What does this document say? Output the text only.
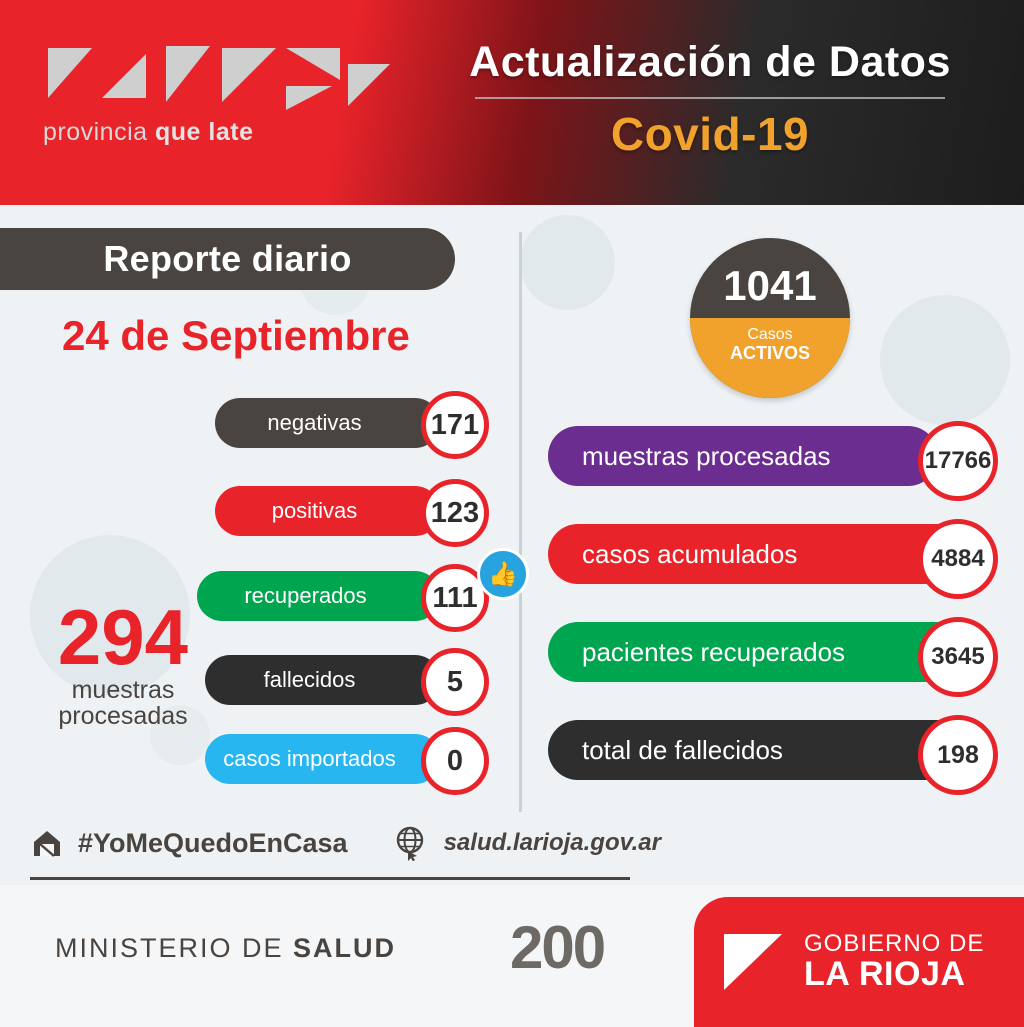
provincia que late
Actualización de Datos
Covid-19
Reporte diario
24 de Septiembre
294
muestras
procesadas
negativas	171
positivas	123
recuperados	111
👍
fallecidos	5
casos importados	0
1041
Casos
ACTIVOS
muestras procesadas	17766
casos acumulados	4884
pacientes recuperados	3645
total de fallecidos	198
#YoMeQuedoEnCasa	salud.larioja.gov.ar
MINISTERIO DE SALUD 200	GOBIERNO DE
LA RIOJA
